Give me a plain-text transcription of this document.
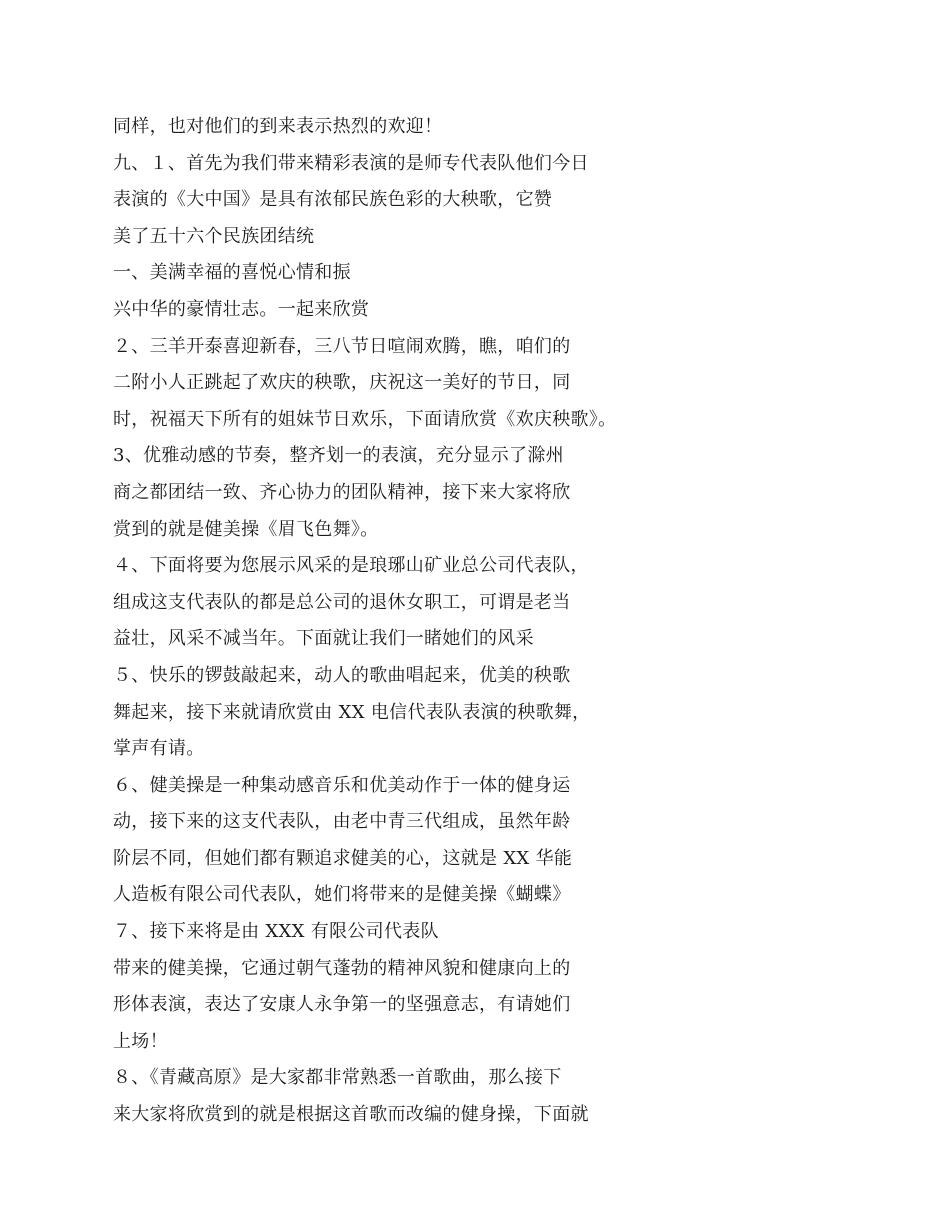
同样，也对他们的到来表示热烈的欢迎！
九、１、首先为我们带来精彩表演的是师专代表队他们今日
表演的《大中国》是具有浓郁民族色彩的大秧歌，它赞
美了五十六个民族团结统
一、美满幸福的喜悦心情和振
兴中华的豪情壮志。一起来欣赏
２、三羊开泰喜迎新春，三八节日喧闹欢腾，瞧，咱们的
二附小人正跳起了欢庆的秧歌，庆祝这一美好的节日，同
时，祝福天下所有的姐妹节日欢乐，下面请欣赏《欢庆秧歌》。
3、优雅动感的节奏，整齐划一的表演，充分显示了滁州
商之都团结一致、齐心协力的团队精神，接下来大家将欣
赏到的就是健美操《眉飞色舞》。
４、下面将要为您展示风采的是琅琊山矿业总公司代表队，
组成这支代表队的都是总公司的退休女职工，可谓是老当
益壮，风采不减当年。下面就让我们一睹她们的风采
５、快乐的锣鼓敲起来，动人的歌曲唱起来，优美的秧歌
舞起来，接下来就请欣赏由 XX 电信代表队表演的秧歌舞，
掌声有请。
６、健美操是一种集动感音乐和优美动作于一体的健身运
动，接下来的这支代表队，由老中青三代组成，虽然年龄
阶层不同，但她们都有颗追求健美的心，这就是 XX 华能
人造板有限公司代表队，她们将带来的是健美操《蝴蝶》
７、接下来将是由 XXX 有限公司代表队
带来的健美操，它通过朝气蓬勃的精神风貌和健康向上的
形体表演，表达了安康人永争第一的坚强意志，有请她们
上场！
８、《青藏高原》是大家都非常熟悉一首歌曲，那么接下
来大家将欣赏到的就是根据这首歌而改编的健身操，下面就
